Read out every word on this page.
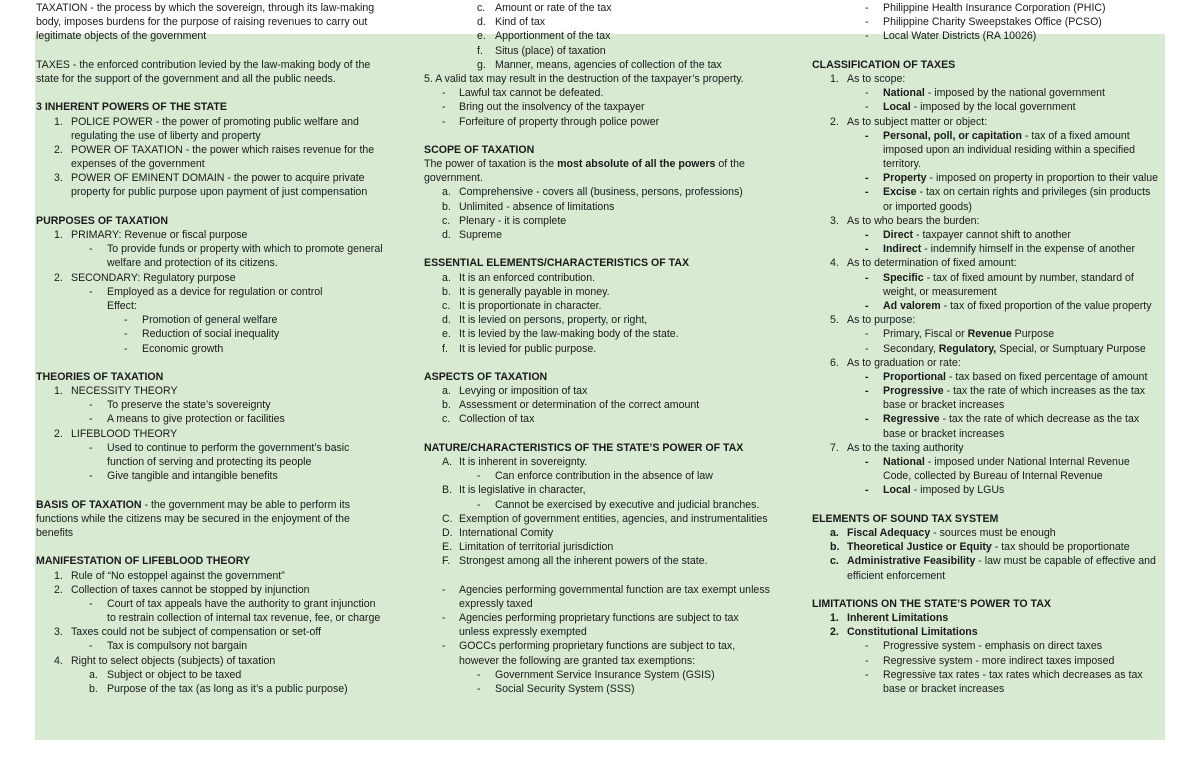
TAXATION - the process by which the sovereign, through its law-making
body, imposes burdens for the purpose of raising revenues to carry out
legitimate objects of the government
TAXES - the enforced contribution levied by the law-making body of the
state for the support of the government and all the public needs.
3 INHERENT POWERS OF THE STATE
1. POLICE POWER - the power of promoting public welfare and
regulating the use of liberty and property
2. POWER OF TAXATION - the power which raises revenue for the
expenses of the government
3. POWER OF EMINENT DOMAIN - the power to acquire private
property for public purpose upon payment of just compensation
PURPOSES OF TAXATION
1. PRIMARY: Revenue or fiscal purpose
- To provide funds or property with which to promote general
welfare and protection of its citizens.
2. SECONDARY: Regulatory purpose
- Employed as a device for regulation or control
Effect:
- Promotion of general welfare
- Reduction of social inequality
- Economic growth
THEORIES OF TAXATION
1. NECESSITY THEORY
- To preserve the state’s sovereignty
- A means to give protection or facilities
2. LIFEBLOOD THEORY
- Used to continue to perform the government’s basic
function of serving and protecting its people
- Give tangible and intangible benefits
BASIS OF TAXATION - the government may be able to perform its
functions while the citizens may be secured in the enjoyment of the
benefits
MANIFESTATION OF LIFEBLOOD THEORY
1. Rule of “No estoppel against the government”
2. Collection of taxes cannot be stopped by injunction
- Court of tax appeals have the authority to grant injunction
to restrain collection of internal tax revenue, fee, or charge
3. Taxes could not be subject of compensation or set-off
- Tax is compulsory not bargain
4. Right to select objects (subjects) of taxation
a. Subject or object to be taxed
b. Purpose of the tax (as long as it’s a public purpose)
c. Amount or rate of the tax
d. Kind of tax
e. Apportionment of the tax
f. Situs (place) of taxation
g. Manner, means, agencies of collection of the tax
5. A valid tax may result in the destruction of the taxpayer’s property.
- Lawful tax cannot be defeated.
- Bring out the insolvency of the taxpayer
- Forfeiture of property through police power
SCOPE OF TAXATION
The power of taxation is the most absolute of all the powers of the
government.
a. Comprehensive - covers all (business, persons, professions)
b. Unlimited - absence of limitations
c. Plenary - it is complete
d. Supreme
ESSENTIAL ELEMENTS/CHARACTERISTICS OF TAX
a. It is an enforced contribution.
b. It is generally payable in money.
c. It is proportionate in character.
d. It is levied on persons, property, or right,
e. It is levied by the law-making body of the state.
f. It is levied for public purpose.
ASPECTS OF TAXATION
a. Levying or imposition of tax
b. Assessment or determination of the correct amount
c. Collection of tax
NATURE/CHARACTERISTICS OF THE STATE’S POWER OF TAX
A. It is inherent in sovereignty.
- Can enforce contribution in the absence of law
B. It is legislative in character,
- Cannot be exercised by executive and judicial branches.
C. Exemption of government entities, agencies, and instrumentalities
D. International Comity
E. Limitation of territorial jurisdiction
F. Strongest among all the inherent powers of the state.
- Agencies performing governmental function are tax exempt unless
expressly taxed
- Agencies performing proprietary functions are subject to tax
unless expressly exempted
- GOCCs performing proprietary functions are subject to tax,
however the following are granted tax exemptions:
- Government Service Insurance System (GSIS)
- Social Security System (SSS)
- Philippine Health Insurance Corporation (PHIC)
- Philippine Charity Sweepstakes Office (PCSO)
- Local Water Districts (RA 10026)
CLASSIFICATION OF TAXES
1. As to scope:
- National - imposed by the national government
- Local - imposed by the local government
2. As to subject matter or object:
- Personal, poll, or capitation - tax of a fixed amount
imposed upon an individual residing within a specified
territory.
- Property - imposed on property in proportion to their value
- Excise - tax on certain rights and privileges (sin products
or imported goods)
3. As to who bears the burden:
- Direct - taxpayer cannot shift to another
- Indirect - indemnify himself in the expense of another
4. As to determination of fixed amount:
- Specific - tax of fixed amount by number, standard of
weight, or measurement
- Ad valorem - tax of fixed proportion of the value property
5. As to purpose:
- Primary, Fiscal or Revenue Purpose
- Secondary, Regulatory, Special, or Sumptuary Purpose
6. As to graduation or rate:
- Proportional - tax based on fixed percentage of amount
- Progressive - tax the rate of which increases as the tax
base or bracket increases
- Regressive - tax the rate of which decrease as the tax
base or bracket increases
7. As to the taxing authority
- National - imposed under National Internal Revenue
Code, collected by Bureau of Internal Revenue
- Local - imposed by LGUs
ELEMENTS OF SOUND TAX SYSTEM
a. Fiscal Adequacy - sources must be enough
b. Theoretical Justice or Equity - tax should be proportionate
c. Administrative Feasibility - law must be capable of effective and
efficient enforcement
LIMITATIONS ON THE STATE’S POWER TO TAX
1. Inherent Limitations
2. Constitutional Limitations
- Progressive system - emphasis on direct taxes
- Regressive system - more indirect taxes imposed
- Regressive tax rates - tax rates which decreases as tax
base or bracket increases
